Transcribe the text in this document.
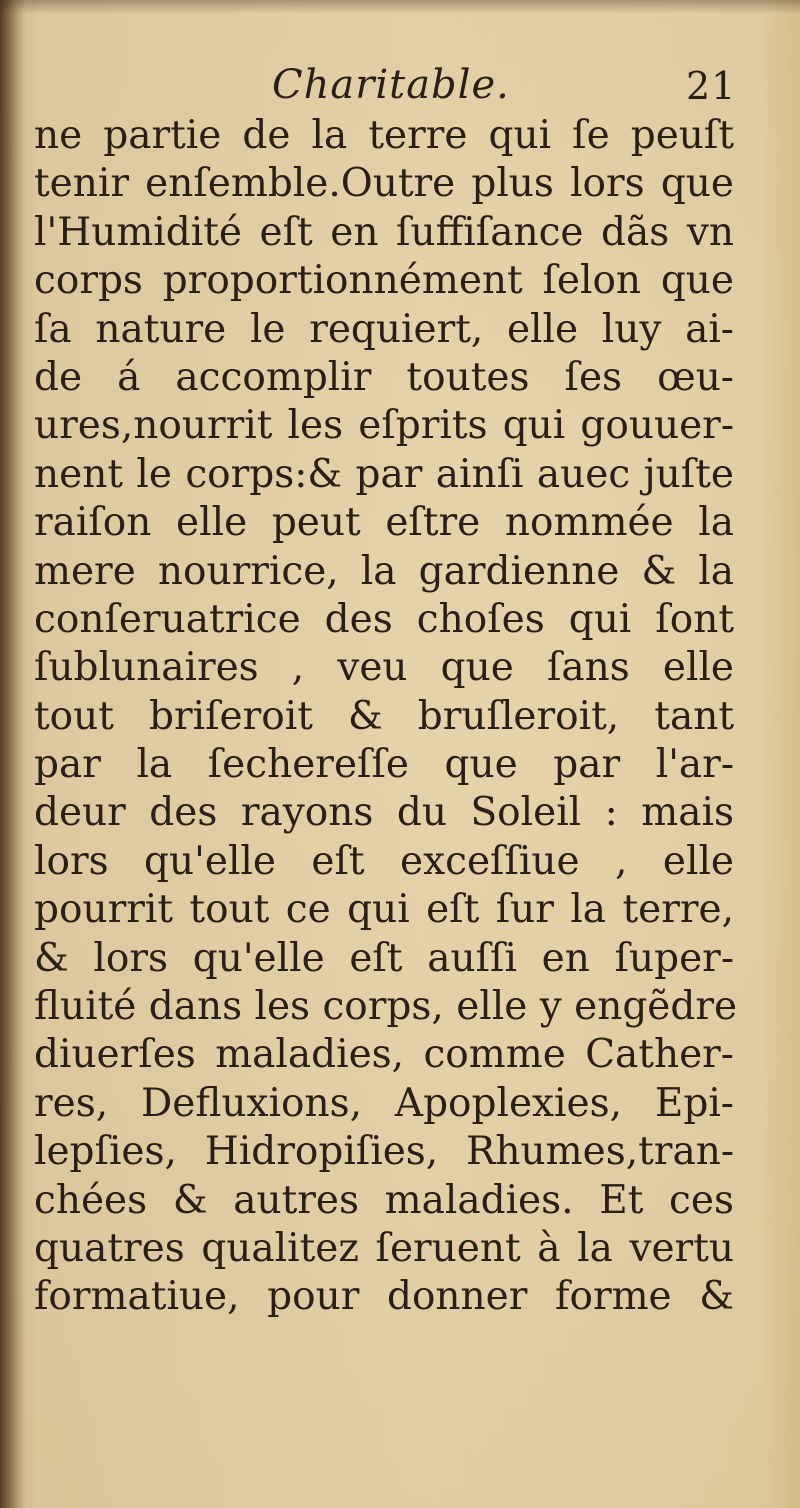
Charitable.	21
ne partie de la terre qui ſe peuſt
tenir enſemble.Outre plus lors que
l'Humidité eſt en ſuffiſance dãs vn
corps proportionnément ſelon que
ſa nature le requiert, elle luy ai-
de á accomplir toutes ſes œu-
ures,nourrit les eſprits qui gouuer-
nent le corps:& par ainſi auec juſte
raiſon elle peut eſtre nommée la
mere nourrice, la gardienne & la
conſeruatrice des choſes qui ſont
ſublunaires , veu que ſans elle
tout briſeroit & bruſleroit, tant
par la ſechereſſe que par l'ar-
deur des rayons du Soleil : mais
lors qu'elle eſt exceſſiue , elle
pourrit tout ce qui eſt ſur la terre,
& lors qu'elle eſt auſſi en ſuper-
fluité dans les corps, elle y engẽdre
diuerſes maladies, comme Cather-
res, Defluxions, Apoplexies, Epi-
lepſies, Hidropiſies, Rhumes,tran-
chées & autres maladies. Et ces
quatres qualitez ſeruent à la vertu
formatiue, pour donner forme &
